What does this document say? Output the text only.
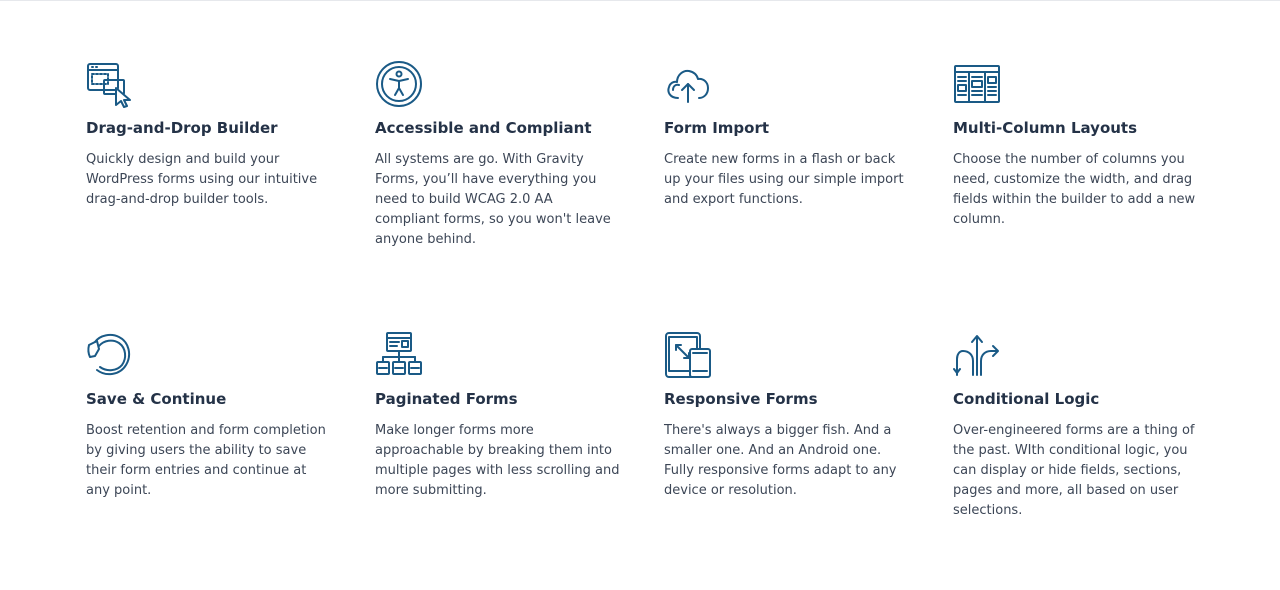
Drag-and-Drop Builder

Quickly design and build your WordPress forms using our intuitive drag-and-drop builder tools.

Accessible and Compliant

All systems are go. With Gravity Forms, you’ll have everything you need to build WCAG 2.0 AA compliant forms, so you won't leave anyone behind.

Form Import

Create new forms in a flash or back up your files using our simple import and export functions.

Multi-Column Layouts

Choose the number of columns you need, customize the width, and drag fields within the builder to add a new column.

Save & Continue

Boost retention and form completion by giving users the ability to save their form entries and continue at any point.

Paginated Forms

Make longer forms more approachable by breaking them into multiple pages with less scrolling and more submitting.

Responsive Forms

There's always a bigger fish. And a smaller one. And an Android one. Fully responsive forms adapt to any device or resolution.

Conditional Logic

Over-engineered forms are a thing of the past. WIth conditional logic, you can display or hide fields, sections, pages and more, all based on user selections.
